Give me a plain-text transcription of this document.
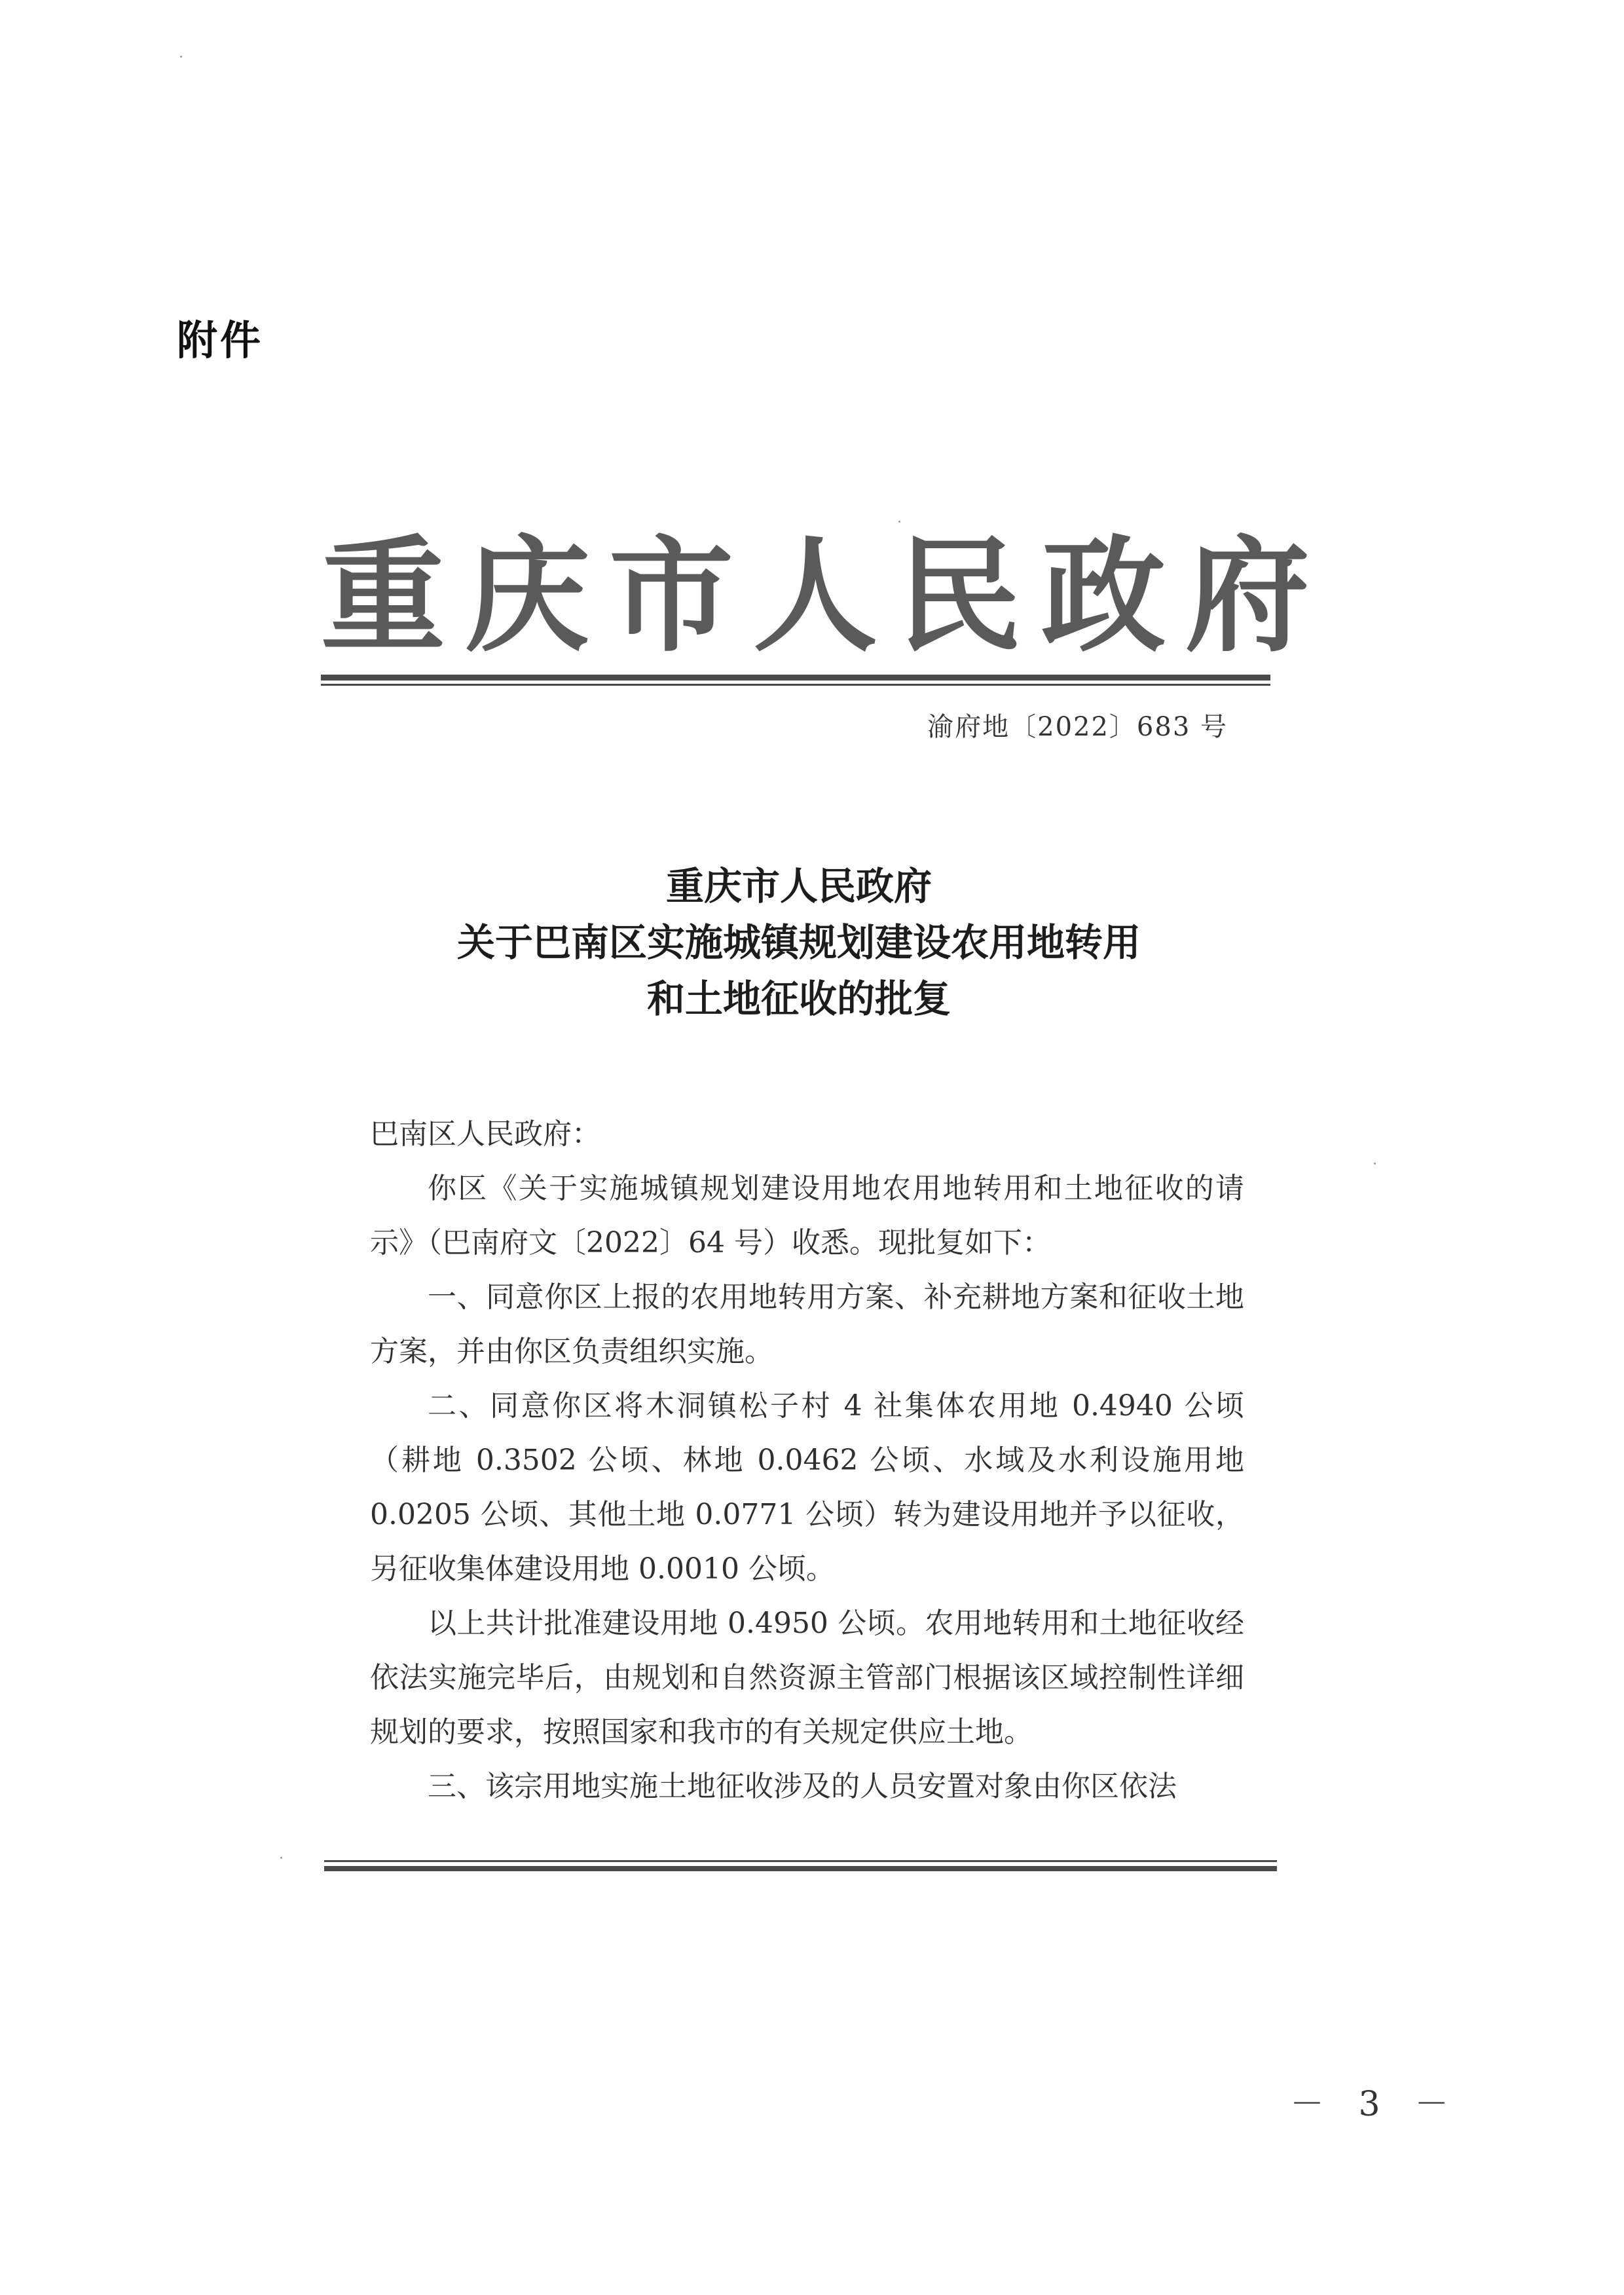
附件
重庆市人民政府
渝府地〔2022〕683 号
重庆市人民政府
关于巴南区实施城镇规划建设农用地转用
和土地征收的批复

巴南区人民政府：

你区《关于实施城镇规划建设用地农用地转用和土地征收的请示》（巴南府文〔2022〕64 号）收悉。现批复如下：

一、同意你区上报的农用地转用方案、补充耕地方案和征收土地方案，并由你区负责组织实施。

二、同意你区将木洞镇松子村 4 社集体农用地 0.4940 公顷（耕地 0.3502 公顷、林地 0.0462 公顷、水域及水利设施用地 0.0205 公顷、其他土地 0.0771 公顷）转为建设用地并予以征收，另征收集体建设用地 0.0010 公顷。

以上共计批准建设用地 0.4950 公顷。农用地转用和土地征收经依法实施完毕后，由规划和自然资源主管部门根据该区域控制性详细规划的要求，按照国家和我市的有关规定供应土地。

三、该宗用地实施土地征收涉及的人员安置对象由你区依法

－ 3 －
